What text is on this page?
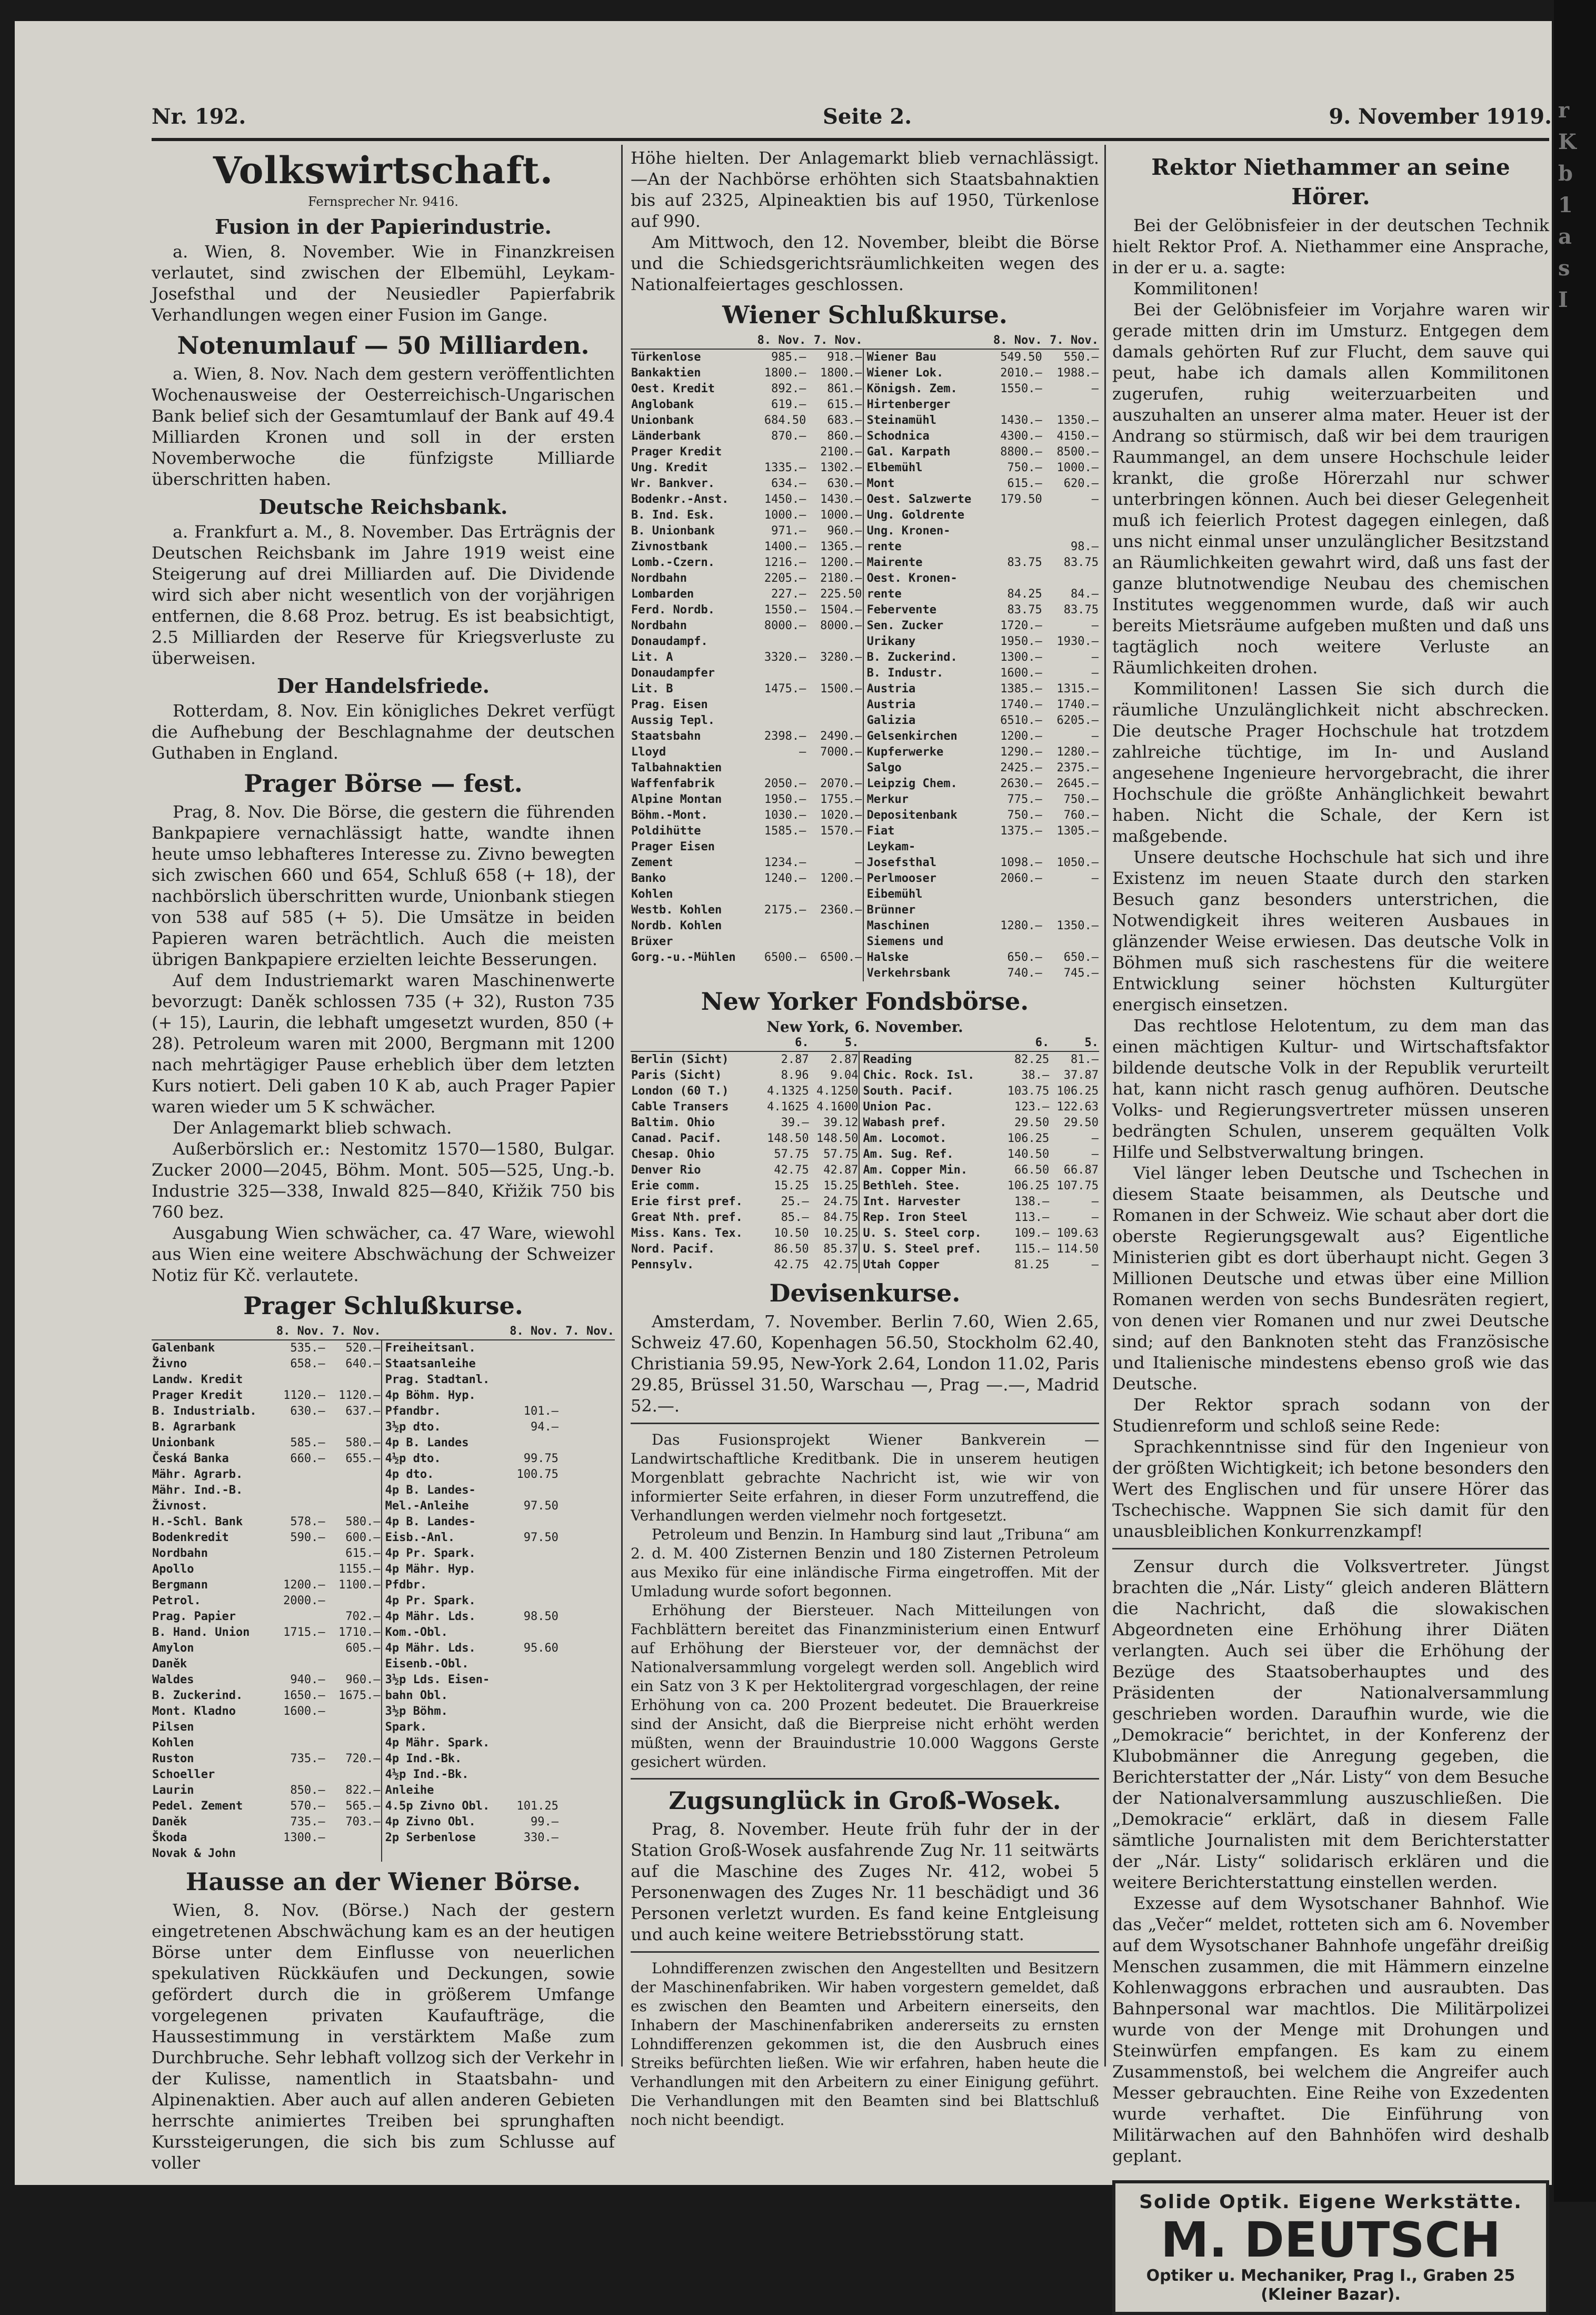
Nr. 192.	Seite 2.	9. November 1919.
Volkswirtschaft.
Fernsprecher Nr. 9416.
Fusion in der Papierindustrie.

a. Wien, 8. November. Wie in Finanzkreisen verlautet, sind zwischen der Elbemühl, Leykam-Josefsthal und der Neusiedler Papierfabrik Verhandlungen wegen einer Fusion im Gange.

Notenumlauf — 50 Milliarden.

a. Wien, 8. Nov. Nach dem gestern veröffentlichten Wochenausweise der Oesterreichisch-Ungarischen Bank belief sich der Gesamtumlauf der Bank auf 49.4 Milliarden Kronen und soll in der ersten Novemberwoche die fünfzigste Milliarde überschritten haben.

Deutsche Reichsbank.

a. Frankfurt a. M., 8. November. Das Erträgnis der Deutschen Reichsbank im Jahre 1919 weist eine Steigerung auf drei Milliarden auf. Die Dividende wird sich aber nicht wesentlich von der vorjährigen entfernen, die 8.68 Proz. betrug. Es ist beabsichtigt, 2.5 Milliarden der Reserve für Kriegsverluste zu überweisen.

Der Handelsfriede.

Rotterdam, 8. Nov. Ein königliches Dekret verfügt die Aufhebung der Beschlagnahme der deutschen Guthaben in England.

Prager Börse — fest.

Prag, 8. Nov. Die Börse, die gestern die führenden Bankpapiere vernachlässigt hatte, wandte ihnen heute umso lebhafteres Interesse zu. Zivno bewegten sich zwischen 660 und 654, Schluß 658 (+ 18), der nachbörslich überschritten wurde, Unionbank stiegen von 538 auf 585 (+ 5). Die Umsätze in beiden Papieren waren beträchtlich. Auch die meisten übrigen Bankpapiere erzielten leichte Besserungen.

Auf dem Industriemarkt waren Maschinenwerte bevorzugt: Daněk schlossen 735 (+ 32), Ruston 735 (+ 15), Laurin, die lebhaft umgesetzt wurden, 850 (+ 28). Petroleum waren mit 2000, Bergmann mit 1200 nach mehrtägiger Pause erheblich über dem letzten Kurs notiert. Deli gaben 10 K ab, auch Prager Papier waren wieder um 5 K schwächer.

Der Anlagemarkt blieb schwach.

Außerbörslich er.: Nestomitz 1570—1580, Bulgar. Zucker 2000—2045, Böhm. Mont. 505—525, Ung.-b. Industrie 325—338, Inwald 825—840, Křižik 750 bis 760 bez.

Ausgabung Wien schwächer, ca. 47 Ware, wiewohl aus Wien eine weitere Abschwächung der Schweizer Notiz für Kč. verlautete.

Prager Schlußkurse.
	8. Nov.	7. Nov.		8. Nov.	7. Nov.
Galenbank	535.—	520.—	Freiheitsanl.		
Živno	658.—	640.—	Staatsanleihe		
Landw. Kredit			Prag. Stadtanl.		
Prager Kredit	1120.—	1120.—	4p Böhm. Hyp.		
B. Industrialb.	630.—	637.—	Pfandbr.	101.—	
B. Agrarbank			3½p dto.	94.—	
Unionbank	585.—	580.—	4p B. Landes		
Česká Banka	660.—	655.—	4½p dto.	99.75	
Mähr. Agrarb.			4p dto.	100.75	
Mähr. Ind.-B.			4p B. Landes-		
Živnost.			Mel.-Anleihe	97.50	
H.-Schl. Bank	578.—	580.—	4p B. Landes-		
Bodenkredit	590.—	600.—	Eisb.-Anl.	97.50	
Nordbahn		615.—	4p Pr. Spark.		
Apollo		1155.—	4p Mähr. Hyp.		
Bergmann	1200.—	1100.—	Pfdbr.		
Petrol.	2000.—		4p Pr. Spark.		
Prag. Papier		702.—	4p Mähr. Lds.	98.50	
B. Hand. Union	1715.—	1710.—	Kom.-Obl.		
Amylon		605.—	4p Mähr. Lds.	95.60	
Daněk			Eisenb.-Obl.		
Waldes	940.—	960.—	3½p Lds. Eisen-		
B. Zuckerind.	1650.—	1675.—	bahn Obl.		
Mont. Kladno	1600.—		3½p Böhm.		
Pilsen			Spark.		
Kohlen			4p Mähr. Spark.		
Ruston	735.—	720.—	4p Ind.-Bk.		
Schoeller			4½p Ind.-Bk.		
Laurin	850.—	822.—	Anleihe		
Pedel. Zement	570.—	565.—	4.5p Zivno Obl.	101.25	
Daněk	735.—	703.—	4p Zivno Obl.	99.—	
Škoda	1300.—		2p Serbenlose	330.—	
Novak & John					
Hausse an der Wiener Börse.

Wien, 8. Nov. (Börse.) Nach der gestern eingetretenen Abschwächung kam es an der heutigen Börse unter dem Einflusse von neuerlichen spekulativen Rückkäufen und Deckungen, sowie gefördert durch die in größerem Umfange vorgelegenen privaten Kaufaufträge, die Haussestimmung in verstärktem Maße zum Durchbruche. Sehr lebhaft vollzog sich der Verkehr in der Kulisse, namentlich in Staatsbahn- und Alpinenaktien. Aber auch auf allen anderen Gebieten herrschte animiertes Treiben bei sprunghaften Kurssteigerungen, die sich bis zum Schlusse auf voller

Höhe hielten. Der Anlagemarkt blieb vernachlässigt. —An der Nachbörse erhöhten sich Staatsbahnaktien bis auf 2325, Alpineaktien bis auf 1950, Türkenlose auf 990.

Am Mittwoch, den 12. November, bleibt die Börse und die Schiedsgerichtsräumlichkeiten wegen des Nationalfeiertages geschlossen.

Wiener Schlußkurse.
	8. Nov.	7. Nov.		8. Nov.	7. Nov.
Türkenlose	985.—	918.—	Wiener Bau	549.50	550.—
Bankaktien	1800.—	1800.—	Wiener Lok.	2010.—	1988.—
Oest. Kredit	892.—	861.—	Königsh. Zem.	1550.—	—
Anglobank	619.—	615.—	Hirtenberger		
Unionbank	684.50	683.—	Steinamühl	1430.—	1350.—
Länderbank	870.—	860.—	Schodnica	4300.—	4150.—
Prager Kredit		2100.—	Gal. Karpath	8800.—	8500.—
Ung. Kredit	1335.—	1302.—	Elbemühl	750.—	1000.—
Wr. Bankver.	634.—	630.—	Mont	615.—	620.—
Bodenkr.-Anst.	1450.—	1430.—	Oest. Salzwerte	179.50	—
B. Ind. Esk.	1000.—	1000.—	Ung. Goldrente		
B. Unionbank	971.—	960.—	Ung. Kronen-		
Zivnostbank	1400.—	1365.—	rente		98.—
Lomb.-Czern.	1216.—	1200.—	Mairente	83.75	83.75
Nordbahn	2205.—	2180.—	Oest. Kronen-		
Lombarden	227.—	225.50	rente	84.25	84.—
Ferd. Nordb.	1550.—	1504.—	Febervente	83.75	83.75
Nordbahn	8000.—	8000.—	Sen. Zucker	1720.—	—
Donaudampf.			Urikany	1950.—	1930.—
Lit. A	3320.—	3280.—	B. Zuckerind.	1300.—	—
Donaudampfer			B. Industr.	1600.—	—
Lit. B	1475.—	1500.—	Austria	1385.—	1315.—
Prag. Eisen			Austria	1740.—	1740.—
Aussig Tepl.			Galizia	6510.—	6205.—
Staatsbahn	2398.—	2490.—	Gelsenkirchen	1200.—	—
Lloyd	—	7000.—	Kupferwerke	1290.—	1280.—
Talbahnaktien			Salgo	2425.—	2375.—
Waffenfabrik	2050.—	2070.—	Leipzig Chem.	2630.—	2645.—
Alpine Montan	1950.—	1755.—	Merkur	775.—	750.—
Böhm.-Mont.	1030.—	1020.—	Depositenbank	750.—	760.—
Poldihütte	1585.—	1570.—	Fiat	1375.—	1305.—
Prager Eisen			Leykam-		
Zement	1234.—	—	Josefsthal	1098.—	1050.—
Banko	1240.—	1200.—	Perlmooser	2060.—	—
Kohlen			Eibemühl		
Westb. Kohlen	2175.—	2360.—	Brünner		
Nordb. Kohlen			Maschinen	1280.—	1350.—
Brüxer			Siemens und		
Gorg.-u.-Mühlen	6500.—	6500.—	Halske	650.—	650.—
			Verkehrsbank	740.—	745.—
New Yorker Fondsbörse.
New York, 6. November.
	6.	5.		6.	5.
Berlin (Sicht)	2.87	2.87	Reading	82.25	81.—
Paris (Sicht)	8.96	9.04	Chic. Rock. Isl.	38.—	37.87
London (60 T.)	4.1325	4.1250	South. Pacif.	103.75	106.25
Cable Transers	4.1625	4.1600	Union Pac.	123.—	122.63
Baltim. Ohio	39.—	39.12	Wabash pref.	29.50	29.50
Canad. Pacif.	148.50	148.50	Am. Locomot.	106.25	—
Chesap. Ohio	57.75	57.75	Am. Sug. Ref.	140.50	—
Denver Rio	42.75	42.87	Am. Copper Min.	66.50	66.87
Erie comm.	15.25	15.25	Bethleh. Stee.	106.25	107.75
Erie first pref.	25.—	24.75	Int. Harvester	138.—	—
Great Nth. pref.	85.—	84.75	Rep. Iron Steel	113.—	—
Miss. Kans. Tex.	10.50	10.25	U. S. Steel corp.	109.—	109.63
Nord. Pacif.	86.50	85.37	U. S. Steel pref.	115.—	114.50
Pennsylv.	42.75	42.75	Utah Copper	81.25	—
Devisenkurse.

Amsterdam, 7. November. Berlin 7.60, Wien 2.65, Schweiz 47.60, Kopenhagen 56.50, Stockholm 62.40, Christiania 59.95, New-York 2.64, London 11.02, Paris 29.85, Brüssel 31.50, Warschau —, Prag —.—, Madrid 52.—.

Das Fusionsprojekt Wiener Bankverein — Landwirtschaftliche Kreditbank. Die in unserem heutigen Morgenblatt gebrachte Nachricht ist, wie wir von informierter Seite erfahren, in dieser Form unzutreffend, die Verhandlungen werden vielmehr noch fortgesetzt.

Petroleum und Benzin. In Hamburg sind laut „Tribuna“ am 2. d. M. 400 Zisternen Benzin und 180 Zisternen Petroleum aus Mexiko für eine inländische Firma eingetroffen. Mit der Umladung wurde sofort begonnen.

Erhöhung der Biersteuer. Nach Mitteilungen von Fachblättern bereitet das Finanzministerium einen Entwurf auf Erhöhung der Biersteuer vor, der demnächst der Nationalversammlung vorgelegt werden soll. Angeblich wird ein Satz von 3 K per Hektolitergrad vorgeschlagen, der reine Erhöhung von ca. 200 Prozent bedeutet. Die Brauerkreise sind der Ansicht, daß die Bierpreise nicht erhöht werden müßten, wenn der Brauindustrie 10.000 Waggons Gerste gesichert würden.

Zugsunglück in Groß-Wosek.

Prag, 8. November. Heute früh fuhr der in der Station Groß-Wosek ausfahrende Zug Nr. 11 seitwärts auf die Maschine des Zuges Nr. 412, wobei 5 Personenwagen des Zuges Nr. 11 beschädigt und 36 Personen verletzt wurden. Es fand keine Entgleisung und auch keine weitere Betriebsstörung statt.

Lohndifferenzen zwischen den Angestellten und Besitzern der Maschinenfabriken. Wir haben vorgestern gemeldet, daß es zwischen den Beamten und Arbeitern einerseits, den Inhabern der Maschinenfabriken andererseits zu ernsten Lohndifferenzen gekommen ist, die den Ausbruch eines Streiks befürchten ließen. Wie wir erfahren, haben heute die Verhandlungen mit den Arbeitern zu einer Einigung geführt. Die Verhandlungen mit den Beamten sind bei Blattschluß noch nicht beendigt.

Rektor Niethammer an seine Hörer.

Bei der Gelöbnisfeier in der deutschen Technik hielt Rektor Prof. A. Niethammer eine Ansprache, in der er u. a. sagte:

Kommilitonen!

Bei der Gelöbnisfeier im Vorjahre waren wir gerade mitten drin im Umsturz. Entgegen dem damals gehörten Ruf zur Flucht, dem sauve qui peut, habe ich damals allen Kommilitonen zugerufen, ruhig weiterzuarbeiten und auszuhalten an unserer alma mater. Heuer ist der Andrang so stürmisch, daß wir bei dem traurigen Raummangel, an dem unsere Hochschule leider krankt, die große Hörerzahl nur schwer unterbringen können. Auch bei dieser Gelegenheit muß ich feierlich Protest dagegen einlegen, daß uns nicht einmal unser unzulänglicher Besitzstand an Räumlichkeiten gewahrt wird, daß uns fast der ganze blutnotwendige Neubau des chemischen Institutes weggenommen wurde, daß wir auch bereits Mietsräume aufgeben mußten und daß uns tagtäglich noch weitere Verluste an Räumlichkeiten drohen.

Kommilitonen! Lassen Sie sich durch die räumliche Unzulänglichkeit nicht abschrecken. Die deutsche Prager Hochschule hat trotzdem zahlreiche tüchtige, im In- und Ausland angesehene Ingenieure hervorgebracht, die ihrer Hochschule die größte Anhänglichkeit bewahrt haben. Nicht die Schale, der Kern ist maßgebende.

Unsere deutsche Hochschule hat sich und ihre Existenz im neuen Staate durch den starken Besuch ganz besonders unterstrichen, die Notwendigkeit ihres weiteren Ausbaues in glänzender Weise erwiesen. Das deutsche Volk in Böhmen muß sich raschestens für die weitere Entwicklung seiner höchsten Kulturgüter energisch einsetzen.

Das rechtlose Helotentum, zu dem man das einen mächtigen Kultur- und Wirtschaftsfaktor bildende deutsche Volk in der Republik verurteilt hat, kann nicht rasch genug aufhören. Deutsche Volks- und Regierungsvertreter müssen unseren bedrängten Schulen, unserem gequälten Volk Hilfe und Selbstverwaltung bringen.

Viel länger leben Deutsche und Tschechen in diesem Staate beisammen, als Deutsche und Romanen in der Schweiz. Wie schaut aber dort die oberste Regierungsgewalt aus? Eigentliche Ministerien gibt es dort überhaupt nicht. Gegen 3 Millionen Deutsche und etwas über eine Million Romanen werden von sechs Bundesräten regiert, von denen vier Romanen und nur zwei Deutsche sind; auf den Banknoten steht das Französische und Italienische mindestens ebenso groß wie das Deutsche.

Der Rektor sprach sodann von der Studienreform und schloß seine Rede:

Sprachkenntnisse sind für den Ingenieur von der größten Wichtigkeit; ich betone besonders den Wert des Englischen und für unsere Hörer das Tschechische. Wappnen Sie sich damit für den unausbleiblichen Konkurrenzkampf!

Zensur durch die Volksvertreter. Jüngst brachten die „Nár. Listy“ gleich anderen Blättern die Nachricht, daß die slowakischen Abgeordneten eine Erhöhung ihrer Diäten verlangten. Auch sei über die Erhöhung der Bezüge des Staatsoberhauptes und des Präsidenten der Nationalversammlung geschrieben worden. Daraufhin wurde, wie die „Demokracie“ berichtet, in der Konferenz der Klubobmänner die Anregung gegeben, die Berichterstatter der „Nár. Listy“ von dem Besuche der Nationalversammlung auszuschließen. Die „Demokracie“ erklärt, daß in diesem Falle sämtliche Journalisten mit dem Berichterstatter der „Nár. Listy“ solidarisch erklären und die weitere Berichterstattung einstellen werden.

Exzesse auf dem Wysotschaner Bahnhof. Wie das „Večer“ meldet, rotteten sich am 6. November auf dem Wysotschaner Bahnhofe ungefähr dreißig Menschen zusammen, die mit Hämmern einzelne Kohlenwaggons erbrachen und ausraubten. Das Bahnpersonal war machtlos. Die Militärpolizei wurde von der Menge mit Drohungen und Steinwürfen empfangen. Es kam zu einem Zusammenstoß, bei welchem die Angreifer auch Messer gebrauchten. Eine Reihe von Exzedenten wurde verhaftet. Die Einführung von Militärwachen auf den Bahnhöfen wird deshalb geplant.

Solide Optik. Eigene Werkstätte.
M. DEUTSCH
Optiker u. Mechaniker, Prag I., Graben 25
(Kleiner Bazar).
r
K
b
1
a
s
I
